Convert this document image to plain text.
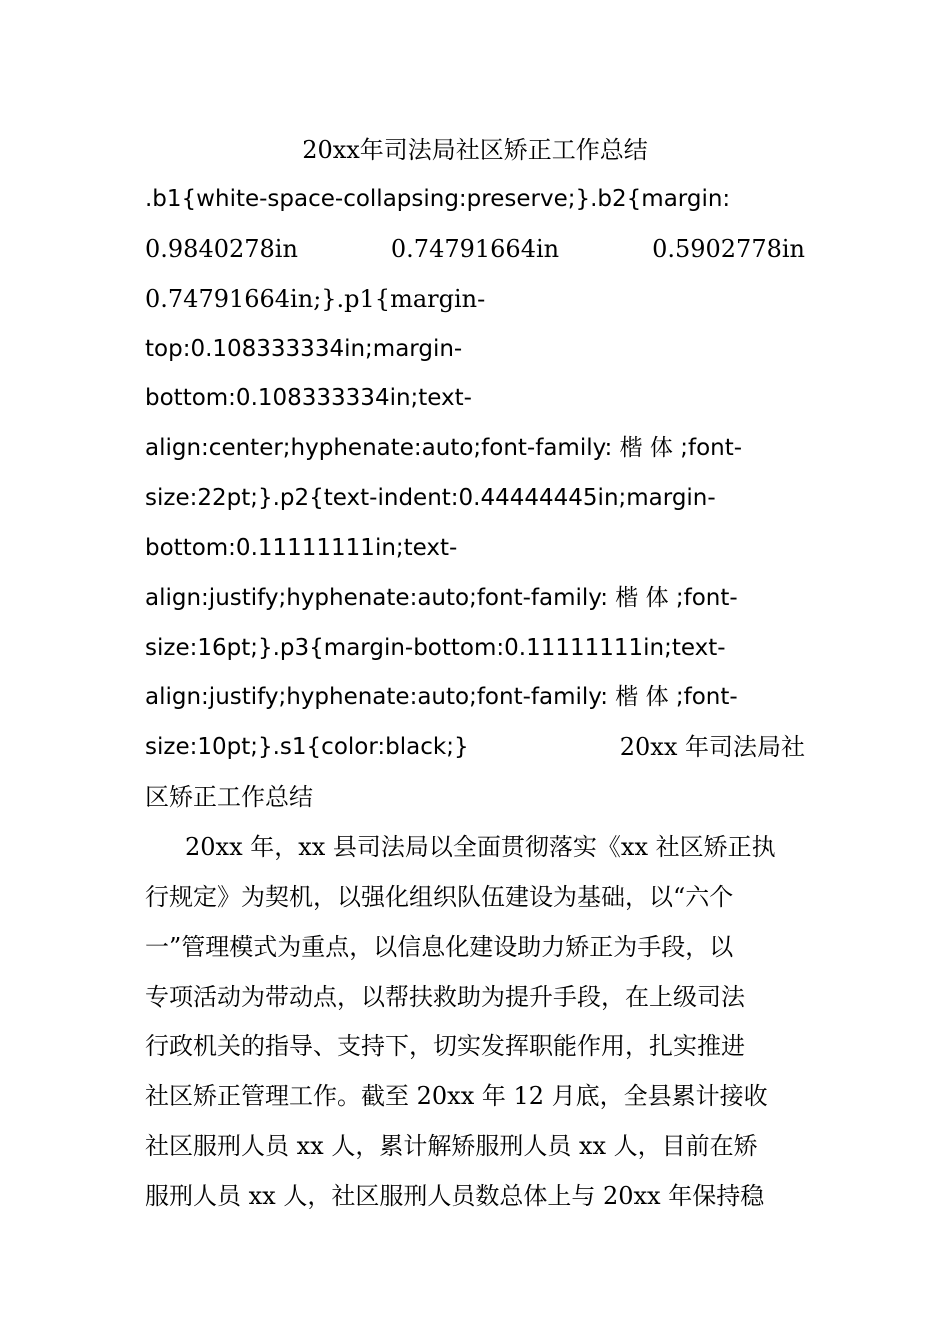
20xx年司法局社区矫正工作总结
.b1{white-space-collapsing:preserve;}.b2{margin:
0.9840278in	0.74791664in	0.5902778in
0.74791664in;}.p1{margin-
top:0.108333334in;margin-
bottom:0.108333334in;text-
align:center;hyphenate:auto;font-family: 楷 体 ;font-
size:22pt;}.p2{text-indent:0.44444445in;margin-
bottom:0.11111111in;text-
align:justify;hyphenate:auto;font-family: 楷 体 ;font-
size:16pt;}.p3{margin-bottom:0.11111111in;text-
align:justify;hyphenate:auto;font-family: 楷 体 ;font-
size:10pt;}.s1{color:black;}	20xx 年司法局社
区矫正工作总结
20xx 年，xx 县司法局以全面贯彻落实《xx 社区矫正执
行规定》为契机，以强化组织队伍建设为基础，以“六个
一”管理模式为重点，以信息化建设助力矫正为手段，以
专项活动为带动点，以帮扶救助为提升手段，在上级司法
行政机关的指导、支持下，切实发挥职能作用，扎实推进
社区矫正管理工作。截至 20xx 年 12 月底，全县累计接收
社区服刑人员 xx 人，累计解矫服刑人员 xx 人，目前在矫
服刑人员 xx 人，社区服刑人员数总体上与 20xx 年保持稳
